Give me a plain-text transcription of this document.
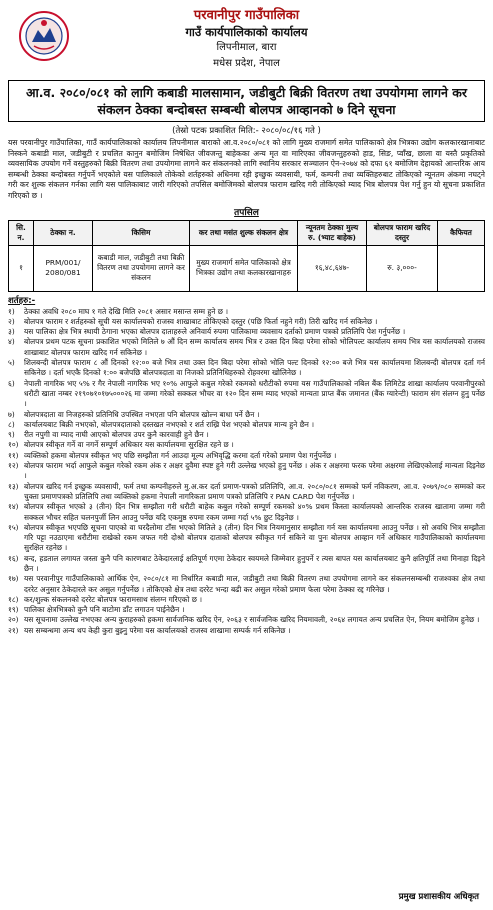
परवानीपुर गाउँपालिका
गाउँ कार्यपालिकाको कार्यालय
लिपनीमाल, बारा
मधेस प्रदेश, नेपाल
आ.व. २०८०/०८१ को लागि कबाडी मालसामान, जडीबुटी बिक्री वितरण तथा उपयोगमा लागने कर संकलन ठेक्का बन्दोबस्त सम्बन्धी बोलपत्र आव्हानको ७ दिने सूचना
(तेस्रो पटक प्रकाशित मिति:- २०८०/०८/१६ गते )
यस परवानीपुर गाउँपालिका, गाउँ कार्यपालिकाको कार्यालय लिपनीमाल बाराको आ.व.२०८०/०८१ को लागि मुख्य राजमार्ग समेत पालिकाको क्षेत्र भित्रका उद्योग कलकारखानाबाट निस्कने कबाडी माल, जडीबुटी र प्रचलित कानुन बमोजिम निषेधित जीवजन्तु बाहेकका अन्य मृत वा मारिएका जीवजन्तुहरुको हाड, सिङ, प्वाँख, छाला वा यस्तै प्रकृतिको व्यवसायिक उपयोग गर्ने वस्तुहरुको बिक्री वितरण तथा उपयोगमा लागने कर संकलनको लागि स्थानिय सरकार सञ्चालन ऐन-२०७४ को दफा ६१ बमोजिम देहायको आन्तरिक आय सम्बन्धी ठेक्का बन्दोबस्त गर्नुपर्ने भएकोले यस पालिकाले तोकेको शर्तहरुको अधिनमा रही इच्छुक व्यवसायी, फर्म, कम्पनी तथा व्यक्तिहरुबाट तोकिएको न्यूनतम अंकमा नघट्ने गरी कर शुल्क संकलन गर्नका लागि यस पालिकाबाट जारी गरिएको तपसिल बमोजिमको बोलपत्र फाराम खरिद गरी तोकिएको म्याद भित्र बोलपत्र पेश गर्नु हुन यो सूचना प्रकाशित गरिएको छ ।
तपसिल
सि. न.	ठेक्का न.	किसिम	कर तथा मसंत शुल्क संकलन क्षेत्र	न्यूनतम ठेक्का मुल्य रु. (भ्याट बाहेक)	बोलपत्र फाराम खरिद दस्तुर	कैफियत
१	PRM/001/ 2080/081	कबाडी माल, जडीबुटी तथा बिक्री वितरण तथा उपयोगमा लागने कर संकलन	मुख्य राजमार्ग समेत पालिकाको क्षेत्र भित्रका उद्योग तथा कलकारखानाहरु	१६,४८,६४७-	रु. ३,०००-	
शर्तहरु:-
१)	ठेक्का अवधि २०८० माघ १ गते देखि मिति २०८१ असार मसान्त सम्म हुने छ ।
२)	बोलपत्र फाराम र शर्तहरुको सूची यस कार्यालयको राजस्व शाखाबाट तोकिएको दस्तुर (पछि फिर्ता नहुने गरी) तिरी खरिद गर्न सकिनेछ ।
३)	यस पालिका क्षेत्र भित्र स्थायी ठेगाना भएका बोलपत्र दाताहरुले अनिवार्य रुपमा पालिकामा व्यवसाय दर्ताको प्रमाण पत्रको प्रतिलिपि पेश गर्नुपर्नेछ ।
४)	बोलपत्र प्रथम पटक सूचना प्रकाशित भएको मितिले ७ औं दिन सम्म कार्यालय समय भित्र र उक्त दिन बिदा परेमा सोको भोलिपल्ट कार्यालय समय भित्र यस कार्यालयको राजस्व शाखाबाट बोलपत्र फाराम खरिद गर्न सकिनेछ ।
५)	शिलबन्दी बोलपत्र फाराम ८ औं दिनको १२:०० बजे भित्र तथा उक्त दिन बिदा परेमा सोको भोलि पल्ट दिनको १२:०० बजे भित्र यस कार्यालयमा शिलबन्दी बोलपत्र दर्ता गर्न सकिनेछ । दर्ता भएकै दिनको १:०० बजेपछि बोलपत्रदाता वा निजको प्रतिनिधिहरुको रोहवरमा खोलिनेछ ।
६)	नेपाली नागरिक भए ५% र गैर नेपाली नागरिक भए १०% आफुले कबुल गरेको रकमको धरौटीको रुपमा यस गाउँपालिकाको नबिल बैंक लिमिटेड शाखा कार्यालय परवानीपुरको धरौटी खाता नम्बर २१९०७१०१७५०००२६ मा जम्मा गरेको सक्कल भौचर वा १२० दिन सम्म म्याद भएको मान्यता प्राप्त बैंक जमानत (बैंक ग्यारेन्टी) फाराम संग संलग्न हुनु पर्नेछ ।
७)	बोलपत्रदाता वा निजहरुको प्रतिनिधि उपस्थित नभएता पनि बोलपत्र खोल्न बाधा पर्ने छैन ।
८)	कार्यालयबाट बिक्री नभएको, बोलपत्रदाताको दस्तखत नभएको र शर्त राख्रि पेश भएको बोलपत्र मान्य हुने छैन ।
९)	रीत नपुगी वा म्याद नाघी आएको बोलपत्र उपर कुनै कारवाही हुने छैन ।
१०) बोलपत्र स्वीकृत गर्ने वा नगर्ने सम्पूर्ण अधिकार यस कार्यालयमा सुरक्षित रहने छ ।
११) व्यक्तिको हकमा बोलपत्र स्वीकृत भए पछि सम्झौता गर्न आउदा मूल्य अभिवृद्धि करमा दर्ता गरेको प्रमाण पेश गर्नुपर्नेछ ।
१२) बोलपत्र फाराम भर्दा आफुले कबुल गरेको रकम अंक र अक्षर दुवैमा स्पष्ट हुने गरी उल्लेख भएको हुनु पर्नेछ । अंक र अक्षरमा फरक परेमा अक्षरमा लेखिएकोलाई मान्यता दिइनेछ ।
१३) बोलपत्र खरिद गर्न इच्छुक व्यवसायी, फर्म तथा कम्पनीहरुले मु.अ.कर दर्ता प्रमाण-पत्रको प्रतिलिपि, आ.व. २०८०/०८१ सम्मको फर्म नविकरण, आ.व. २०७९/०८० सम्मको कर चुक्ता प्रमाणपत्रको प्रतिलिपि तथा व्यक्तिको हकमा नेपाली नागरिकता प्रमाण पत्रको प्रतिलिपि र PAN CARD पेश गर्नुपर्नेछ ।
१४) बोलपत्र स्वीकृत भएको ३ (तीन) दिन भित्र सम्झौता गरी धरौटी बाहेक कबुल गरेको सम्पूर्ण रकमको ४०% प्रथम किस्ता कार्यालयको आन्तरिक राजस्व खातामा जम्मा गरी सक्कल भौचर सहित चलनपुर्जी लिन आउनु पर्नेछ यदि एकमुष्ठ रुपमा रकम जम्मा गर्दा ५% छुट दिइनेछ ।
१५) बोलपत्र स्वीकृत भएपछि सूचना पाएको वा घरदैलोमा टाँस भएको मितिले ३ (तीन) दिन भित्र नियमानुसार सम्झौता गर्न यस कार्यालयमा आउनु पर्नेछ । सो अवधि भित्र सम्झौता गरि पट्टा नउठाएमा धरौटीमा राखेको रकम जफत गरी दोश्रो बोलपत्र दाताको बोलपत्र स्वीकृत गर्न सकिने वा पुनः बोलपत्र आव्हान गर्ने अधिकार गाउँपालिकाको कार्यालयमा सुरक्षित रहनेछ ।
१६) बन्द, हडताल लगायत जस्ता कुनै पनि कारणबाट ठेकेदारलाई क्षतिपूर्ण गएमा ठेकेदार स्वयमले जिम्मेवार हुनुपर्ने र त्यस बापत यस कार्यालयबाट कुनै क्षतिपूर्ति तथा मिनाहा दिइने छैन ।
१७) यस परवानीपुर गाउँपालिकाको आर्थिक ऐन, २०८०/८१ मा निर्धारित कबाडी माल, जडीबुटी तथा बिक्री वितरण तथा उपयोगमा लागने कर संकलनसम्बन्धी राजश्वका क्षेत्र तथा दररेट अनुसार ठेकेदारले कर असुल गर्नुपर्नेछ । तोकिएको क्षेत्र तथा दररेट भन्दा बढी कर असुल गरेको प्रमाण फेला परेमा ठेक्का रद्द गरिनेछ ।
१८) कर/शुल्क संकलनको दररेट बोलपत्र फारामसाथ संलग्न गरिएको छ ।
१९) पालिका क्षेत्रभित्रको कुनै पनि बाटोमा डाँट लगाउन पाईनेछैन ।
२०) यस सूचनामा उल्लेख नभएका अन्य कुराहरुको हकमा सार्वजनिक खरिद ऐन, २०६३ र सार्वजनिक खरिद नियमावली, २०६४ लगायत अन्य प्रचलित ऐन, नियम बमोजिम हुनेछ ।
२१) यस सम्बन्धमा अन्य थप केही कुरा बुझ्नु परेमा यस कार्यालयको राजस्व शाखामा सम्पर्क गर्न सकिनेछ ।
प्रमुख प्रशासकीय अधिकृत
